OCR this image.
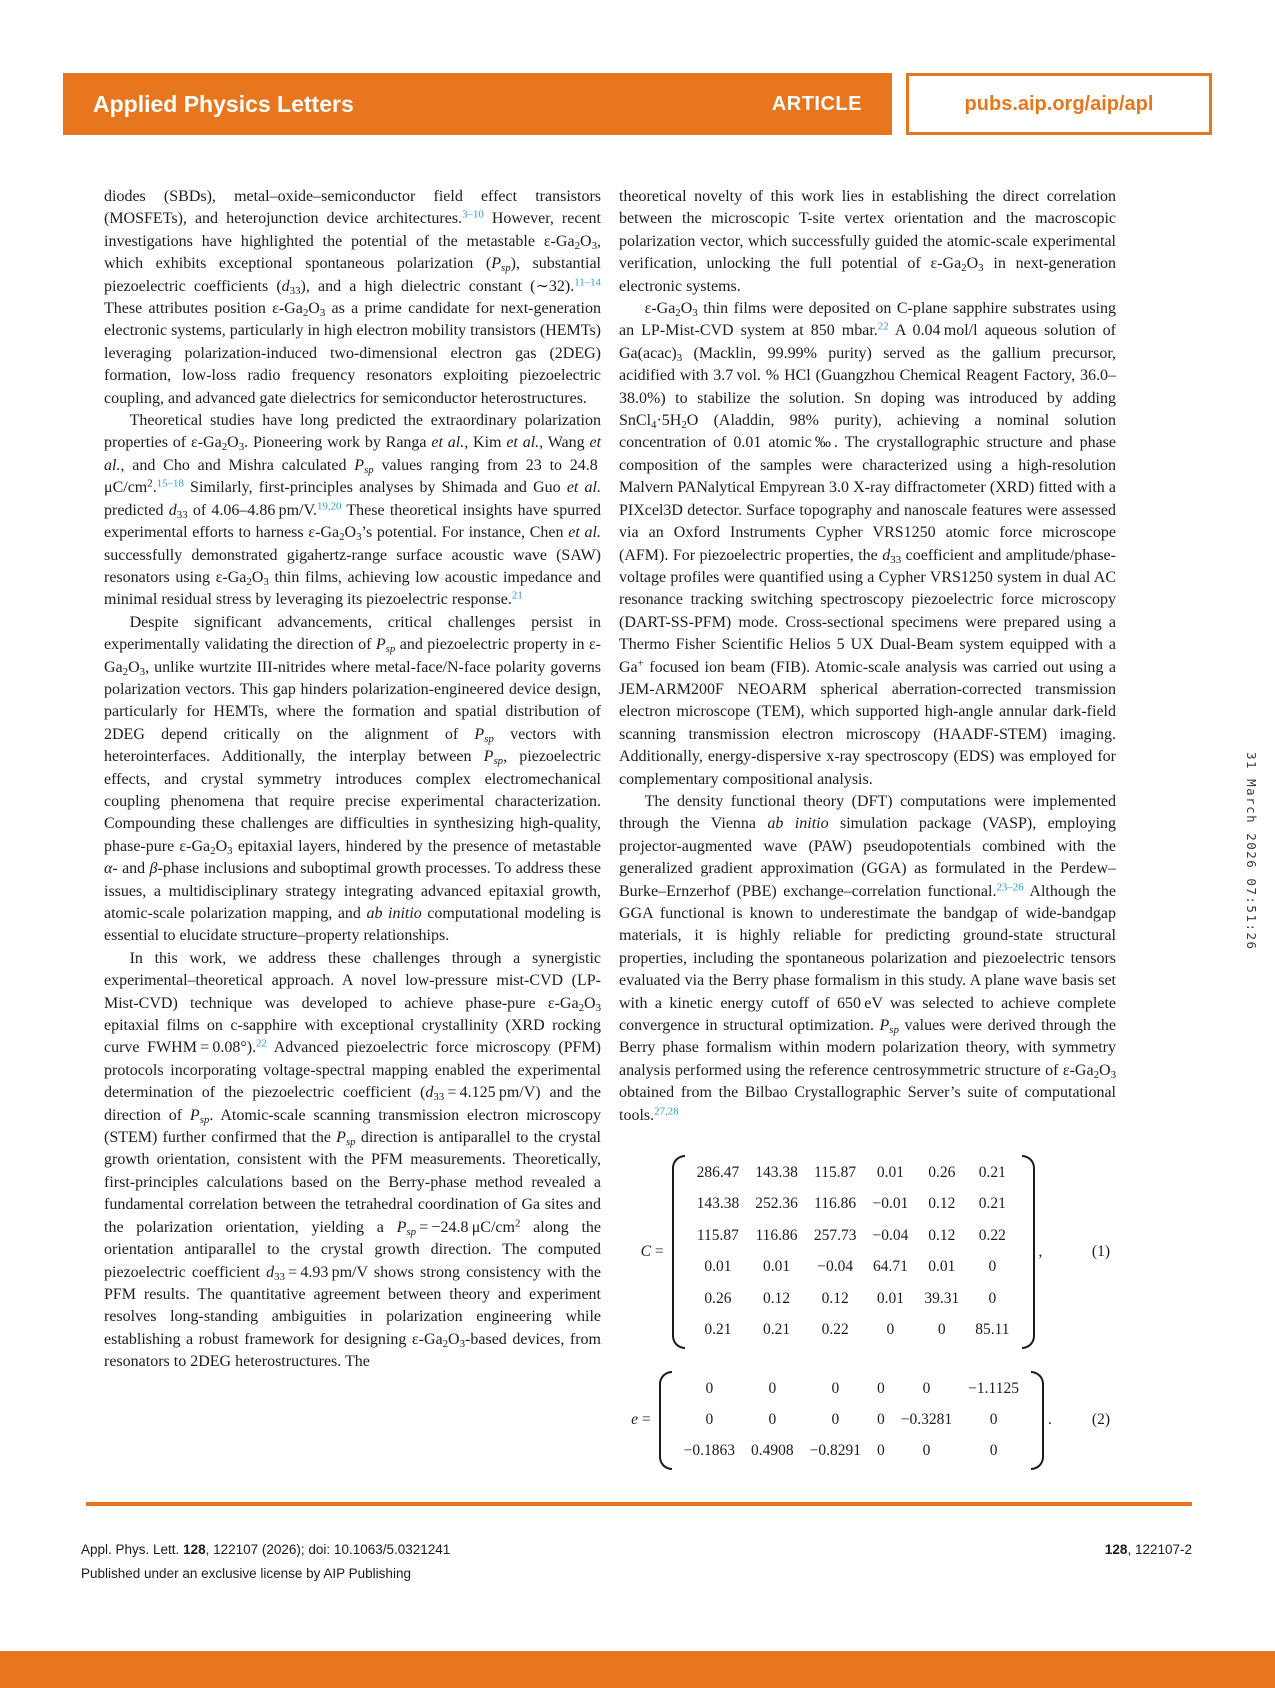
Applied Physics Letters	ARTICLE	pubs.aip.org/aip/apl

diodes (SBDs), metal–oxide–semiconductor field effect transistors (MOSFETs), and heterojunction device architectures.$^{3-10}$ However, recent investigations have highlighted the potential of the metastable $\varepsilon-Ga_2O_3$, which exhibits exceptional spontaneous polarization $(P_{sp})$, substantial piezoelectric coefficients $(d_{33})$, and a high dielectric constant (∼32).$^{11-14}$ These attributes position $\varepsilon-Ga_2O_3$ as a prime candidate for next-generation electronic systems, particularly in high electron mobility transistors (HEMTs) leveraging polarization-induced two-dimensional electron gas (2DEG) formation, low-loss radio frequency resonators exploiting piezoelectric coupling, and advanced gate dielectrics for semiconductor heterostructures.

Theoretical studies have long predicted the extraordinary polarization properties of $\varepsilon-Ga_2O_3$. Pioneering work by Ranga et al., Kim et al., Wang et al., and Cho and Mishra calculated $P_{sp}$ values ranging from 23 to 24.8 $\mu C/cm^2.^{15-18}$ Similarly, first-principles analyses by Shimada and Guo et al. predicted $d_{33}$ of 4.06–4.86 pm/V.$^{19,20}$ These theoretical insights have spurred experimental efforts to harness $\varepsilon-Ga_2O_3’s$ potential. For instance, Chen et al. successfully demonstrated gigahertz-range surface acoustic wave (SAW) resonators using $\varepsilon-Ga_2O_3$ thin films, achieving low acoustic impedance and minimal residual stress by leveraging its piezoelectric response.$^{21}$

Despite significant advancements, critical challenges persist in experimentally validating the direction of $P_{sp}$ and piezoelectric property in $\varepsilon-Ga_2O_3$, unlike wurtzite III-nitrides where metal-face/N-face polarity governs polarization vectors. This gap hinders polarization-engineered device design, particularly for HEMTs, where the formation and spatial distribution of 2DEG depend critically on the alignment of $P_{sp}$ vectors with heterointerfaces. Additionally, the interplay between $P_{sp}$, piezoelectric effects, and crystal symmetry introduces complex electromechanical coupling phenomena that require precise experimental characterization. Compounding these challenges are difficulties in synthesizing high-quality, phase-pure $\varepsilon-Ga_2O_3$ epitaxial layers, hindered by the presence of metastable α- and β-phase inclusions and suboptimal growth processes. To address these issues, a multidisciplinary strategy integrating advanced epitaxial growth, atomic-scale polarization mapping, and ab initio computational modeling is essential to elucidate structure–property relationships.

In this work, we address these challenges through a synergistic experimental–theoretical approach. A novel low-pressure mist-CVD (LP-Mist-CVD) technique was developed to achieve phase-pure $\varepsilon-Ga_2O_3$ epitaxial films on c-sapphire with exceptional crystallinity (XRD rocking curve FWHM = 0.08°).$^{22}$ Advanced piezoelectric force microscopy (PFM) protocols incorporating voltage-spectral mapping enabled the experimental determination of the piezoelectric coefficient ($d_{33} = 4.125$ pm/V) and the direction of $P_{sp}$. Atomic-scale scanning transmission electron microscopy (STEM) further confirmed that the $P_{sp}$ direction is antiparallel to the crystal growth orientation, consistent with the PFM measurements. Theoretically, first-principles calculations based on the Berry-phase method revealed a fundamental correlation between the tetrahedral coordination of Ga sites and the polarization orientation, yielding a $P_{sp} = -24.8$ $\mu C/cm^2$ along the orientation antiparallel to the crystal growth direction. The computed piezoelectric coefficient $d_{33} = 4.93$ pm/V shows strong consistency with the PFM results. The quantitative agreement between theory and experiment resolves long-standing ambiguities in polarization engineering while establishing a robust framework for designing $\varepsilon-Ga_2O_3$-based devices, from resonators to 2DEG heterostructures. The

theoretical novelty of this work lies in establishing the direct correlation between the microscopic T-site vertex orientation and the macroscopic polarization vector, which successfully guided the atomic-scale experimental verification, unlocking the full potential of $\varepsilon-Ga_2O_3$ in next-generation electronic systems.

$\varepsilon-Ga_2O_3$ thin films were deposited on C-plane sapphire substrates using an LP-Mist-CVD system at 850 mbar.$^{22}$ A 0.04 mol/l aqueous solution of $Ga(acac)_3$ (Macklin, 99.99% purity) served as the gallium precursor, acidified with 3.7 vol. % HCl (Guangzhou Chemical Reagent Factory, 36.0–38.0%) to stabilize the solution. Sn doping was introduced by adding $SnCl_4\cdot 5H_2O$ (Aladdin, 98% purity), achieving a nominal solution concentration of 0.01 atomic‰. The crystallographic structure and phase composition of the samples were characterized using a high-resolution Malvern PANalytical Empyrean 3.0 X-ray diffractometer (XRD) fitted with a PIXcel3D detector. Surface topography and nanoscale features were assessed via an Oxford Instruments Cypher VRS1250 atomic force microscope (AFM). For piezoelectric properties, the $d_{33}$ coefficient and amplitude/phase-voltage profiles were quantified using a Cypher VRS1250 system in dual AC resonance tracking switching spectroscopy piezoelectric force microscopy (DART-SS-PFM) mode. Cross-sectional specimens were prepared using a Thermo Fisher Scientific Helios 5 UX Dual-Beam system equipped with a Ga+ focused ion beam (FIB). Atomic-scale analysis was carried out using a JEM-ARM200F NEOARM spherical aberration-corrected transmission electron microscope (TEM), which supported high-angle annular dark-field scanning transmission electron microscopy (HAADF-STEM) imaging. Additionally, energy-dispersive x-ray spectroscopy (EDS) was employed for complementary compositional analysis.

The density functional theory (DFT) computations were implemented through the Vienna ab initio simulation package (VASP), employing projector-augmented wave (PAW) pseudopotentials combined with the generalized gradient approximation (GGA) as formulated in the Perdew–Burke–Ernzerhof (PBE) exchange–correlation functional.$^{23-26}$ Although the GGA functional is known to underestimate the bandgap of wide-bandgap materials, it is highly reliable for predicting ground-state structural properties, including the spontaneous polarization and piezoelectric tensors evaluated via the Berry phase formalism in this study. A plane wave basis set with a kinetic energy cutoff of 650 eV was selected to achieve complete convergence in structural optimization. $P_{sp}$ values were derived through the Berry phase formalism within modern polarization theory, with symmetry analysis performed using the reference centrosymmetric structure of $\varepsilon-Ga_2O_3$ obtained from the Bilbao Crystallographic Server’s suite of computational tools.$^{27,28}$

C =
286.47	143.38	115.87	0.01	0.26	0.21
143.38	252.36	116.86	−0.01	0.12	0.21
115.87	116.86	257.73	−0.04	0.12	0.22
0.01	0.01	−0.04	64.71	0.01	0
0.26	0.12	0.12	0.01	39.31	0
0.21	0.21	0.22	0	0	85.11
,	(1)
e =
0	0	0	0	0	−1.1125
0	0	0	0	−0.3281	0
−0.1863	0.4908	−0.8291	0	0	0
.	(2)
31 March 2026 07:51:26
Appl. Phys. Lett. 128, 122107 (2026); doi: 10.1063/5.0321241
Published under an exclusive license by AIP Publishing
128, 122107-2
